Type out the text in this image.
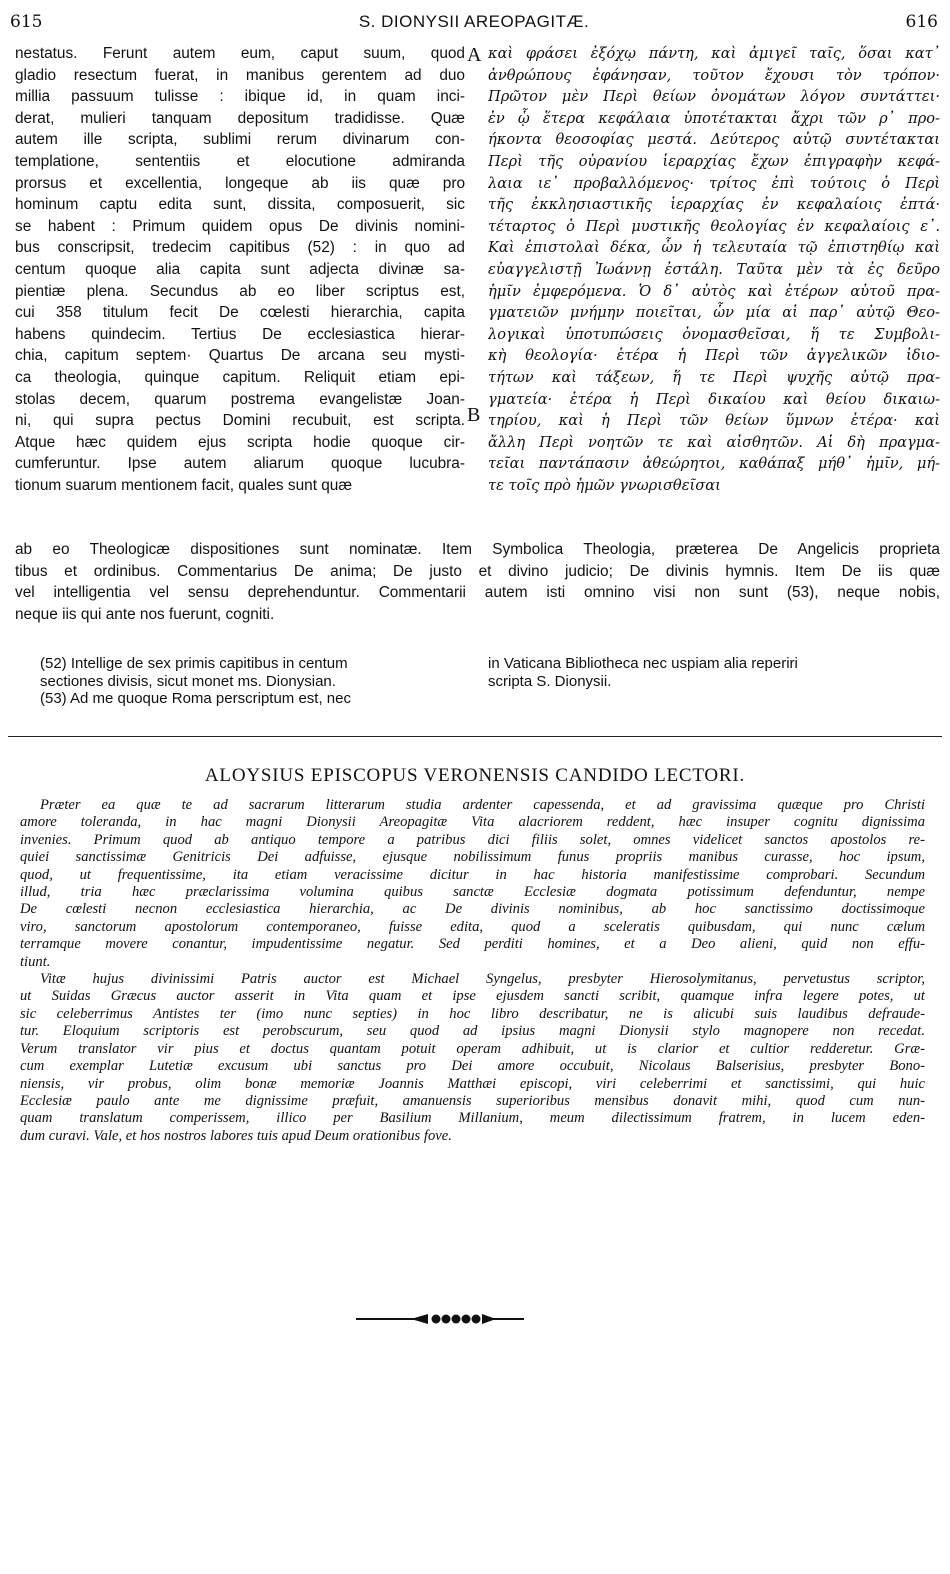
615	S. DIONYSII AREOPAGITÆ.	616
nestatus. Ferunt autem eum, caput suum, quod
gladio resectum fuerat, in manibus gerentem ad duo
millia passuum tulisse : ibique id, in quam inci-
derat, mulieri tanquam depositum tradidisse. Quæ
autem ille scripta, sublimi rerum divinarum con-
templatione, sententiis et elocutione admiranda
prorsus et excellentia, longeque ab iis quæ pro
hominum captu edita sunt, dissita, composuerit, sic
se habent : Primum quidem opus De divinis nomini-
bus conscripsit, tredecim capitibus (52) : in quo ad
centum quoque alia capita sunt adjecta divinæ sa-
pientiæ plena. Secundus ab eo liber scriptus est,
cui 358 titulum fecit De cœlesti hierarchia, capita
habens quindecim. Tertius De ecclesiastica hierar-
chia, capitum septem· Quartus De arcana seu mysti-
ca theologia, quinque capitum. Reliquit etiam epi-
stolas decem, quarum postrema evangelistæ Joan-
ni, qui supra pectus Domini recubuit, est scripta.
Atque hæc quidem ejus scripta hodie quoque cir-
cumferuntur. Ipse autem aliarum quoque lucubra-
tionum suarum mentionem facit, quales sunt quæ
A
B
καὶ φράσει ἐξόχῳ πάντη, καὶ ἀμιγεῖ ταῖς, ὅσαι κατ᾽
ἀνθρώπους ἐφάνησαν, τοῦτον ἔχουσι τὸν τρόπον·
Πρῶτον μὲν Περὶ θείων ὀνομάτων λόγον συντάττει·
ἐν ᾧ ἕτερα κεφάλαια ὑποτέτακται ἄχρι τῶν ρ᾽ προ-
ήκοντα θεοσοφίας μεστά. Δεύτερος αὐτῷ συντέτακται
Περὶ τῆς οὐρανίου ἱεραρχίας ἔχων ἐπιγραφὴν κεφά-
λαια ιε᾽ προβαλλόμενος· τρίτος ἐπὶ τούτοις ὁ Περὶ
τῆς ἐκκλησιαστικῆς ἱεραρχίας ἐν κεφαλαίοις ἑπτά·
τέταρτος ὁ Περὶ μυστικῆς θεολογίας ἐν κεφαλαίοις ε᾽.
Καὶ ἐπιστολαὶ δέκα, ὧν ἡ τελευταία τῷ ἐπιστηθίῳ καὶ
εὐαγγελιστῇ Ἰωάννῃ ἐστάλη. Ταῦτα μὲν τὰ ἐς δεῦρο
ἡμῖν ἐμφερόμενα. Ὁ δ᾽ αὐτὸς καὶ ἑτέρων αὐτοῦ πρα-
γματειῶν μνήμην ποιεῖται, ὧν μία αἱ παρ᾽ αὐτῷ Θεο-
λογικαὶ ὑποτυπώσεις ὀνομασθεῖσαι, ἥ τε Συμβολι-
κὴ θεολογία· ἑτέρα ἡ Περὶ τῶν ἀγγελικῶν ἰδιο-
τήτων καὶ τάξεων, ἥ τε Περὶ ψυχῆς αὐτῷ πρα-
γματεία· ἑτέρα ἡ Περὶ δικαίου καὶ θείου δικαιω-
τηρίου, καὶ ἡ Περὶ τῶν θείων ὕμνων ἑτέρα· καὶ
ἄλλη Περὶ νοητῶν τε καὶ αἰσθητῶν. Αἱ δὴ πραγμα-
τεῖαι παντάπασιν ἀθεώρητοι, καθάπαξ μήθ᾽ ἡμῖν, μή-
τε τοῖς πρὸ ἡμῶν γνωρισθεῖσαι
ab eo Theologicæ dispositiones sunt nominatæ. Item Symbolica Theologia, præterea De Angelicis proprieta
tibus et ordinibus. Commentarius De anima; De justo et divino judicio; De divinis hymnis. Item De iis quæ
vel intelligentia vel sensu deprehenduntur. Commentarii autem isti omnino visi non sunt (53), neque nobis,
neque iis qui ante nos fuerunt, cogniti.
(52) Intellige de sex primis capitibus in centum
sectiones divisis, sicut monet ms. Dionysian.
(53) Ad me quoque Roma perscriptum est, nec
in Vaticana Bibliotheca nec uspiam alia reperiri
scripta S. Dionysii.
ALOYSIUS EPISCOPUS VERONENSIS CANDIDO LECTORI.
Præter ea quæ te ad sacrarum litterarum studia ardenter capessenda, et ad gravissima quæque pro Christi
amore toleranda, in hac magni Dionysii Areopagitæ Vita alacriorem reddent, hæc insuper cognitu dignissima
invenies. Primum quod ab antiquo tempore a patribus dici filiis solet, omnes videlicet sanctos apostolos re-
quiei sanctissimæ Genitricis Dei adfuisse, ejusque nobilissimum funus propriis manibus curasse, hoc ipsum,
quod, ut frequentissime, ita etiam veracissime dicitur in hac historia manifestissime comprobari. Secundum
illud, tria hæc præclarissima volumina quibus sanctæ Ecclesiæ dogmata potissimum defenduntur, nempe
De cœlesti necnon ecclesiastica hierarchia, ac De divinis nominibus, ab hoc sanctissimo doctissimoque
viro, sanctorum apostolorum contemporaneo, fuisse edita, quod a sceleratis quibusdam, qui nunc cælum
terramque movere conantur, impudentissime negatur. Sed perditi homines, et a Deo alieni, quid non effu-
tiunt.
Vitæ hujus divinissimi Patris auctor est Michael Syngelus, presbyter Hierosolymitanus, pervetustus scriptor,
ut Suidas Græcus auctor asserit in Vita quam et ipse ejusdem sancti scribit, quamque infra legere potes, ut
sic celeberrimus Antistes ter (imo nunc septies) in hoc libro describatur, ne is alicubi suis laudibus defraude-
tur. Eloquium scriptoris est perobscurum, seu quod ad ipsius magni Dionysii stylo magnopere non recedat.
Verum translator vir pius et doctus quantam potuit operam adhibuit, ut is clarior et cultior redderetur. Græ-
cum exemplar Lutetiæ excusum ubi sanctus pro Dei amore occubuit, Nicolaus Balserisius, presbyter Bono-
niensis, vir probus, olim bonæ memoriæ Joannis Matthæi episcopi, viri celeberrimi et sanctissimi, qui huic
Ecclesiæ paulo ante me dignissime præfuit, amanuensis superioribus mensibus donavit mihi, quod cum nun-
quam translatum comperissem, illico per Basilium Millanium, meum dilectissimum fratrem, in lucem eden-
dum curavi. Vale, et hos nostros labores tuis apud Deum orationibus fove.
